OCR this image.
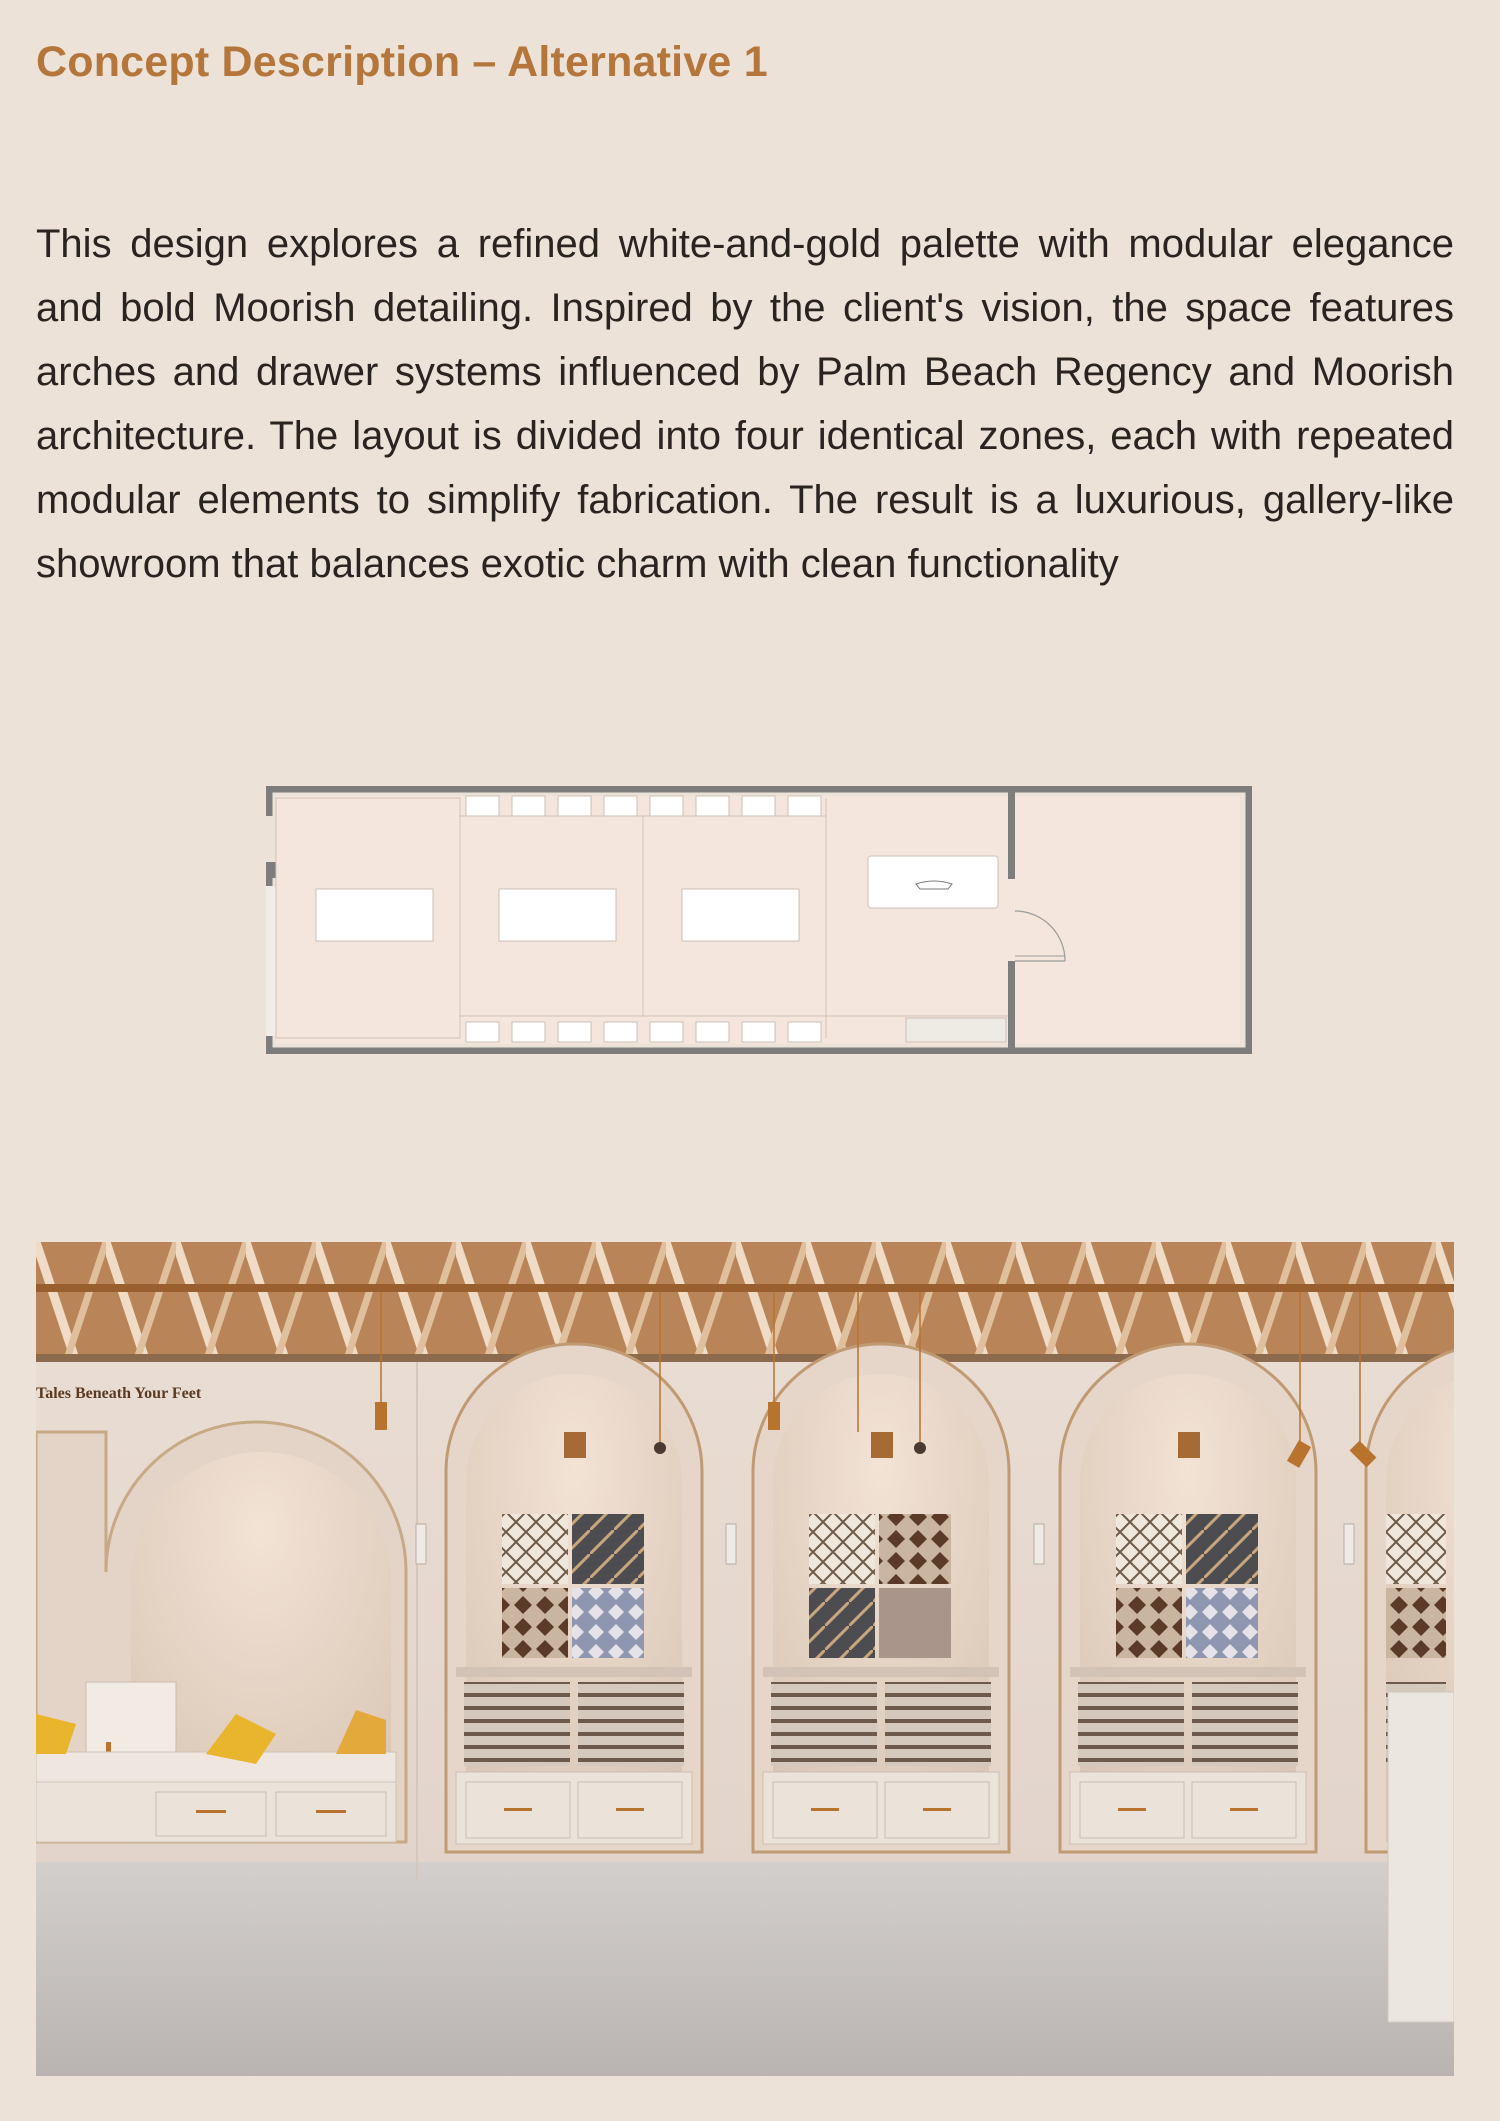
Concept Description – Alternative 1

This design explores a refined white-and-gold palette with modular elegance and bold Moorish detailing. Inspired by the client's vision, the space features arches and drawer systems influenced by Palm Beach Regency and Moorish architecture. The layout is divided into four identical zones, each with repeated modular elements to simplify fabrication. The result is a luxurious, gallery-like showroom that balances exotic charm with clean functionality

Tales Beneath Your Feet
